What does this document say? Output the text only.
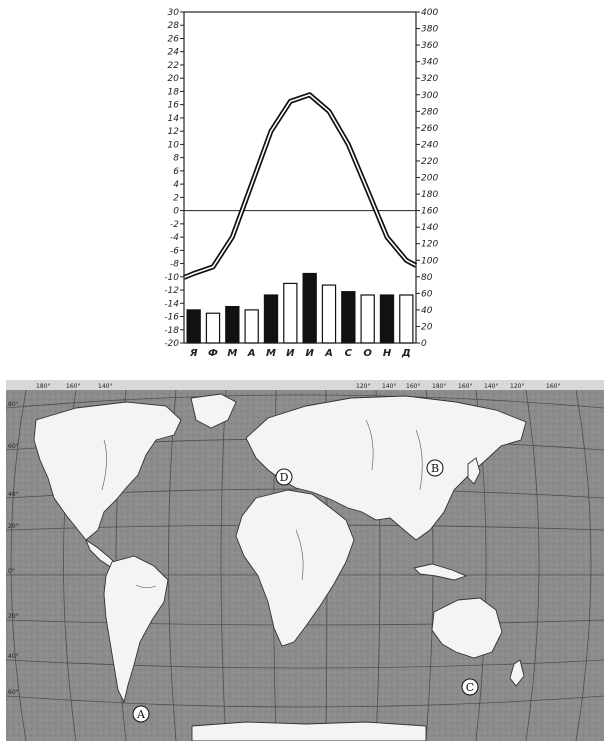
-20
-18
-16
-14
-12
-10
-8
-6
-4
-2
0
2
4
6
8
10
12
14
16
18
20
22
24
26
28
30
0
20
40
60
80
100
120
140
160
180
200
220
240
260
280
300
320
340
360
380
400
Я Ф М А М И И А С О Н Д
180°	160°	140°	120° 140° 160° 180° 160° 140° 120°	160°
80°
60°
40°
20°
0°
20°
40°
60°
A
B
C
D
